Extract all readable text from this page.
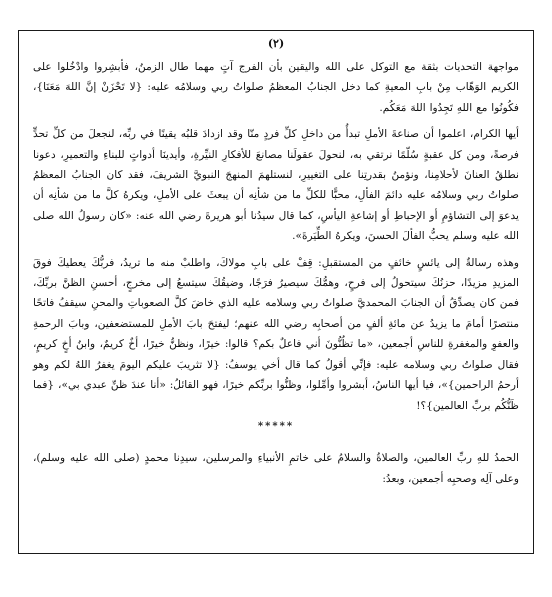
(٢)

مواجهة التحديات بثقة مع التوكل على الله واليقين بأن الفرج آتٍ مهما طال الزمنُ، فأبشِروا وادْخُلوا على الكريم الوَهّاب مِنْ بابِ المعيةِ كما دخل الجنابُ المعظمُ صلواتُ ربي وسلامُه عليه: {لا تَحْزَنْ إنَّ اللهَ مَعَنَا}، فكُونُوا مع اللهِ تَجِدُوا اللهَ مَعَكُم.

أيها الكرام، اعلموا أن صناعةَ الأملِ تبدأُ من داخلِ كلِّ فردٍ منّا وقد ازدادَ قلبُه يقينًا في ربِّه، لنجعلَ من كلِّ تحدٍّ فرصةً، ومن كل عقبةٍ سُلّمًا نرتقي به، لنحولَ عقولَنا مصانعَ للأفكارِ النيِّرةِ، وأيدينَا أدواتٍ للبناءِ والتعميرِ، دعونا نطلقُ العنانَ لأحلامِنا، ونؤمنُ بقدرتِنا على التغييرِ، لنستلهمَ المنهجَ النبويَّ الشريفَ، فقد كان الجنابُ المعظمُ صلواتُ ربي وسلامُه عليه دائمَ الفألِ، محبًّا للكلِّ ما من شأنِه أن يبعثَ على الأملِ، ويكرهُ كلَّ ما من شأنِه أن يدعوَ إلى التشاؤمِ أو الإحباطِ أو إشاعةِ اليأسِ، كما قال سيدُنا أبو هريرةَ رضي الله عنه: «كان رسولُ الله صلى الله عليه وسلم يحبُّ الفألَ الحسنَ، ويكرهُ الطِّيَرةَ».

وهذه رسالةٌ إلى يائسٍ خائفٍ من المستقبلِ: قِفْ على بابِ مولاكَ، واطلبْ منه ما تريدُ، فربُّكَ يعطيكَ فوقَ المزيدِ مزيدًا، حزنُكَ سيتحولُ إلى فرحٍ، وهمُّكَ سيصيرُ فرَجًا، وضيقُكَ سيتسعُ إلى مخرجٍ، أحسنِ الظنَّ بربِّكَ، فمن كان يصدِّقُ أن الجنابَ المحمديَّ صلواتُ ربي وسلامه عليه الذي خاضَ كلَّ الصعوباتِ والمحنِ سيقفُ فاتحًا منتصرًا أمامَ ما يزيدُ عن مائةِ ألفٍ من أصحابِه رضي الله عنهم؛ ليفتحَ بابَ الأملِ للمستضعفين، وبابَ الرحمةِ والعفوِ والمغفرةِ للناسِ أجمعين، «ما تظُنُّونَ أني فاعلٌ بكم؟ قالوا: خيرًا، ونظنُّ خيرًا، أخٌ كريمٌ، وابنُ أخٍ كريمٍ، فقال صلواتُ ربي وسلامه عليه: فإنِّي أقولُ كما قال أخي يوسفُ: {لا تثريبَ عليكم اليومَ يغفرُ اللهُ لكم وهو أرحمُ الراحمين}»، فيا أيها الناسُ، أبشروا وأمِّلوا، وظنُّوا بربِّكم خيرًا، فهو القائلُ: «أنا عندَ ظنِّ عبدي بي»، {فما ظَنُّكُم بربِّ العالمين}؟!

*****

الحمدُ للهِ ربِّ العالمين، والصلاةُ والسلامُ على خاتمِ الأنبياءِ والمرسلين، سيدِنا محمدٍ (صلى الله عليه وسلم)، وعلى آلِه وصحبِه أجمعين، وبعدُ:
